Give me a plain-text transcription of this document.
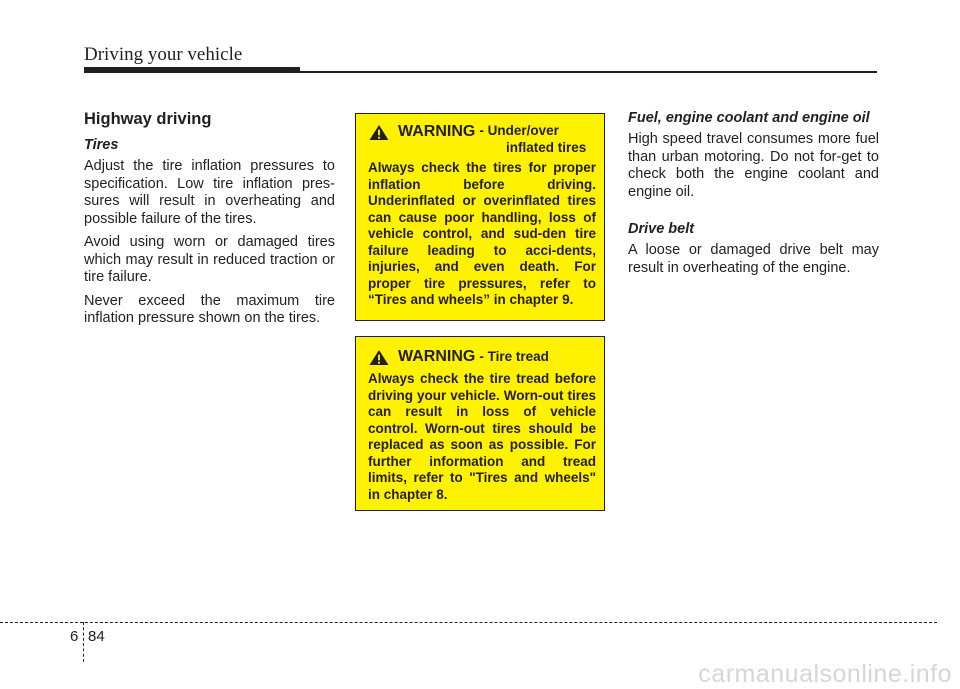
Driving your vehicle
Highway driving
Tires

Adjust the tire inflation pressures to specification. Low tire inflation pres-sures will result in overheating and possible failure of the tires.

Avoid using worn or damaged tires which may result in reduced traction or tire failure.

Never exceed the maximum tire inflation pressure shown on the tires.

WARNING - Under/over
inflated tires

Always check the tires for proper inflation before driving. Underinflated or overinflated tires can cause poor handling, loss of vehicle control, and sud-den tire failure leading to acci-dents, injuries, and even death. For proper tire pressures, refer to “Tires and wheels” in chapter 9.

WARNING - Tire tread

Always check the tire tread before driving your vehicle. Worn-out tires can result in loss of vehicle control. Worn-out tires should be replaced as soon as possible. For further information and tread limits, refer to "Tires and wheels" in chapter 8.

Fuel, engine coolant and engine oil

High speed travel consumes more fuel than urban motoring. Do not for-get to check both the engine coolant and engine oil.

Drive belt

A loose or damaged drive belt may result in overheating of the engine.

6 84
carmanualsonline.info
